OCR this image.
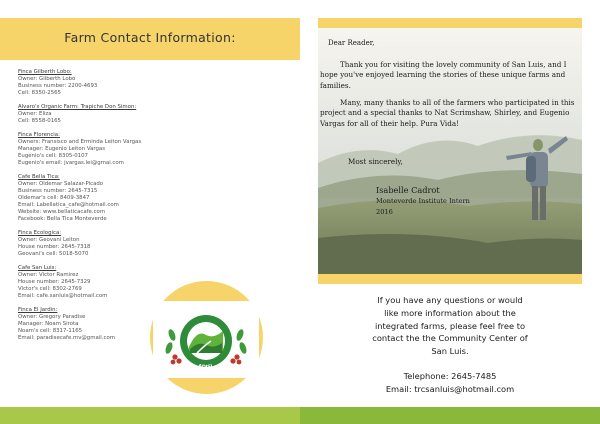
Farm Contact Information:
Finca Gilberth Lobo:
Owner: Gilberth Lobo
Business number: 2200-4693
Cell: 8350-2565
Alvaro's Organic Farm: Trapiche Don Simon:
Owner: Eliza
Cell: 8558-0165
Finca Florencia:
Owners: Fransisco and Erminda Leiton Vargas
Manager: Eugenio Leiton Vargas
Eugenio's cell: 8305-0107
Eugenio's email: jvargas.lei@gmai.com
Cafe Bella Tica:
Owner: Oldemar Salazar-Picado
Business number: 2645-7315
Oldemar's cell: 8409-3847
Email: Labellatica_cafe@hotmail.com
Website: www.bellaticacafe.com
Facebook: Bella Tica Monteverde
Finca Ecologica:
Owner: Geovani Leiton
House number: 2645-7318
Geovani's cell: 5018-5070
Cafe San Luis:
Owner: Victor Ramirez
House number: 2645-7329
Victor's cell: 8302-2769
Email: cafe.sanluis@hotmail.com
Finca El Jardin:
Owner: Gregory Paradise
Manager: Noam Sirota
Noam's cell: 8317-1165
Email: paradisecafe.mv@gmail.com
Valle San Luis
ADISL
Dear Reader,
Thank you for visiting the lovely community of San Luis, and I hope you've enjoyed learning the stories of these unique farms and families.
Many, many thanks to all of the farmers who participated in this project and a special thanks to Nat Scrimshaw, Shirley, and Eugenio Vargas for all of their help. Pura Vida!
Most sincerely,
Isabelle Cadrot
Monteverde Institute Intern
2016
If you have any questions or would
like more information about the
integrated farms, please feel free to
contact the the Community Center of
San Luis.
Telephone: 2645-7485
Email: trcsanluis@hotmail.com
